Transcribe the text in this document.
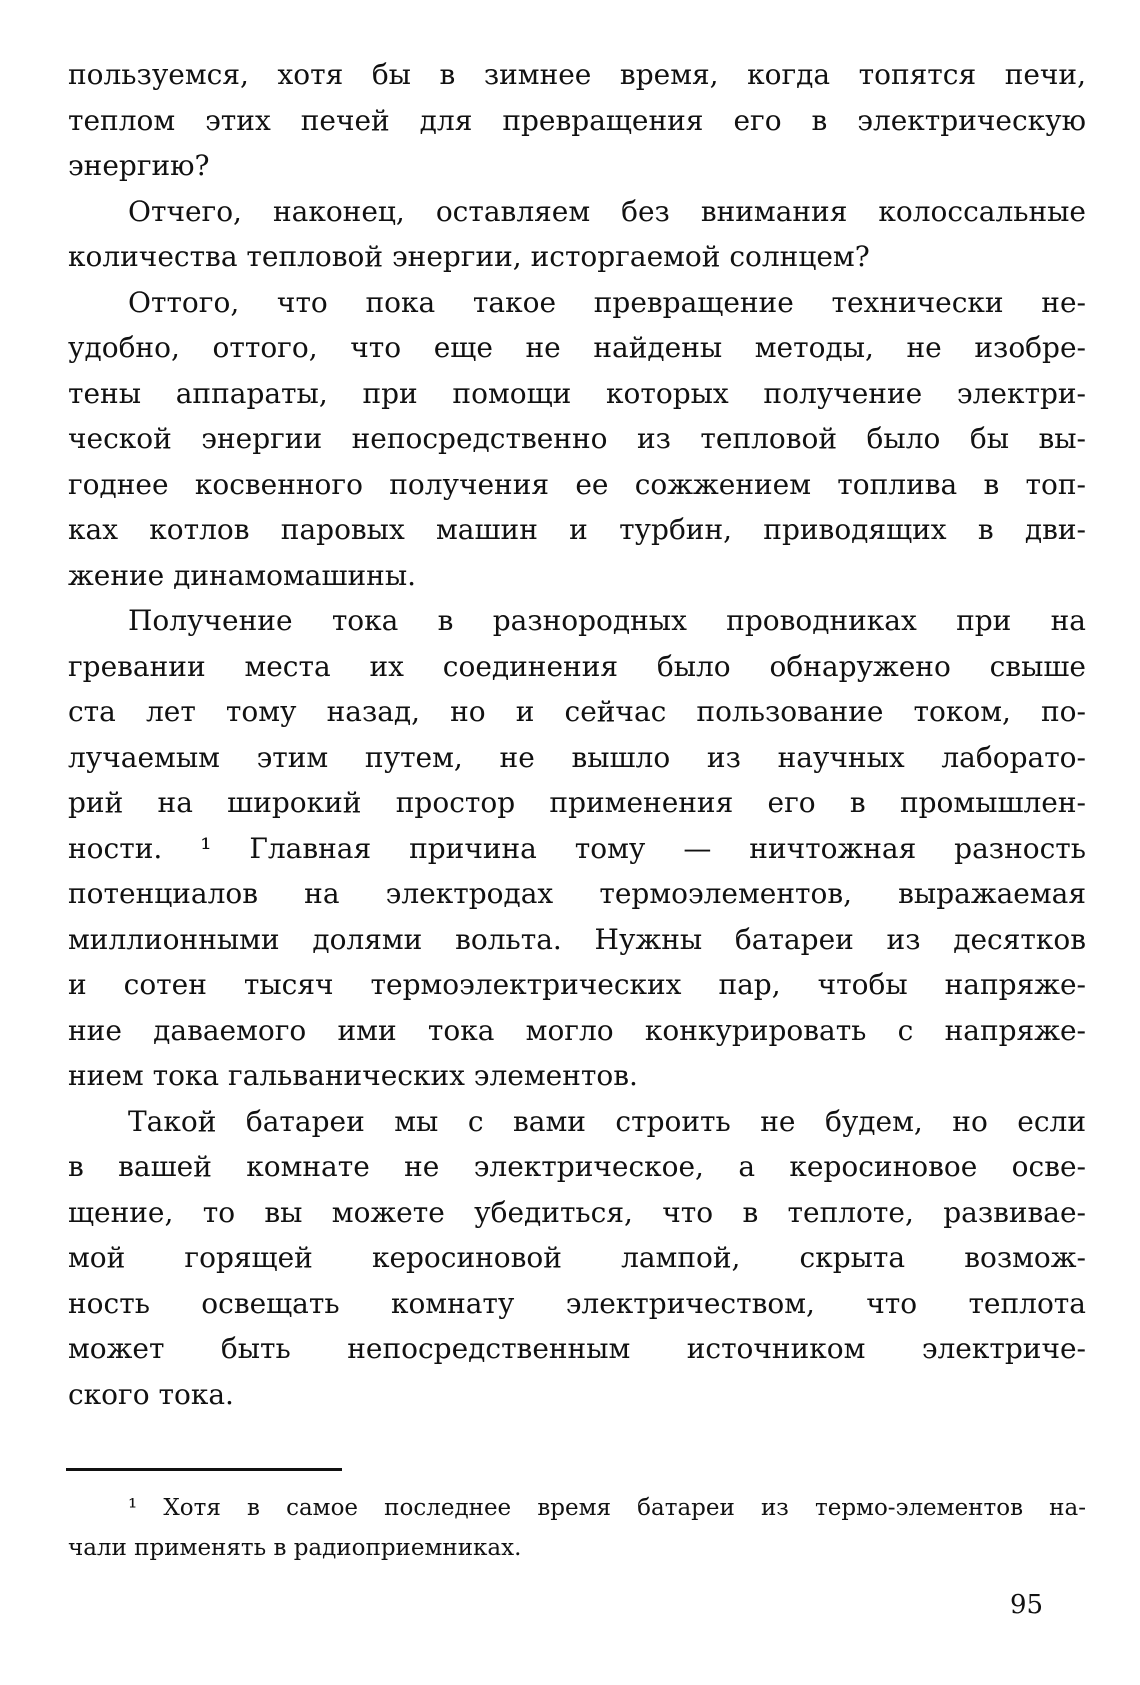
пользуемся, хотя бы в зимнее время, когда топятся печи,
теплом этих печей для превращения его в электрическую
энергию?
Отчего, наконец, оставляем без внимания колоссальные
количества тепловой энергии, исторгаемой солнцем?
Оттого, что пока такое превращение технически не-
удобно, оттого, что еще не найдены методы, не изобре-
тены аппараты, при помощи которых получение электри-
ческой энергии непосредственно из тепловой было бы вы-
годнее косвенного получения ее сожжением топлива в топ-
ках котлов паровых машин и турбин, приводящих в дви-
жение динамомашины.
Получение тока в разнородных проводниках при на
гревании места их соединения было обнаружено свыше
ста лет тому назад, но и сейчас пользование током, по-
лучаемым этим путем, не вышло из научных лаборато-
рий на широкий простор применения его в промышлен-
ности. ¹ Главная причина тому — ничтожная разность
потенциалов на электродах термоэлементов, выражаемая
миллионными долями вольта. Нужны батареи из десятков
и сотен тысяч термоэлектрических пар, чтобы напряже-
ние даваемого ими тока могло конкурировать с напряже-
нием тока гальванических элементов.
Такой батареи мы с вами строить не будем, но если
в вашей комнате не электрическое, а керосиновое осве-
щение, то вы можете убедиться, что в теплоте, развивае-
мой горящей керосиновой лампой, скрыта возмож-
ность освещать комнату электричеством, что теплота
может быть непосредственным источником электриче-
ского тока.
¹ Хотя в самое последнее время батареи из термо-элементов на-
чали применять в радиоприемниках.
95
